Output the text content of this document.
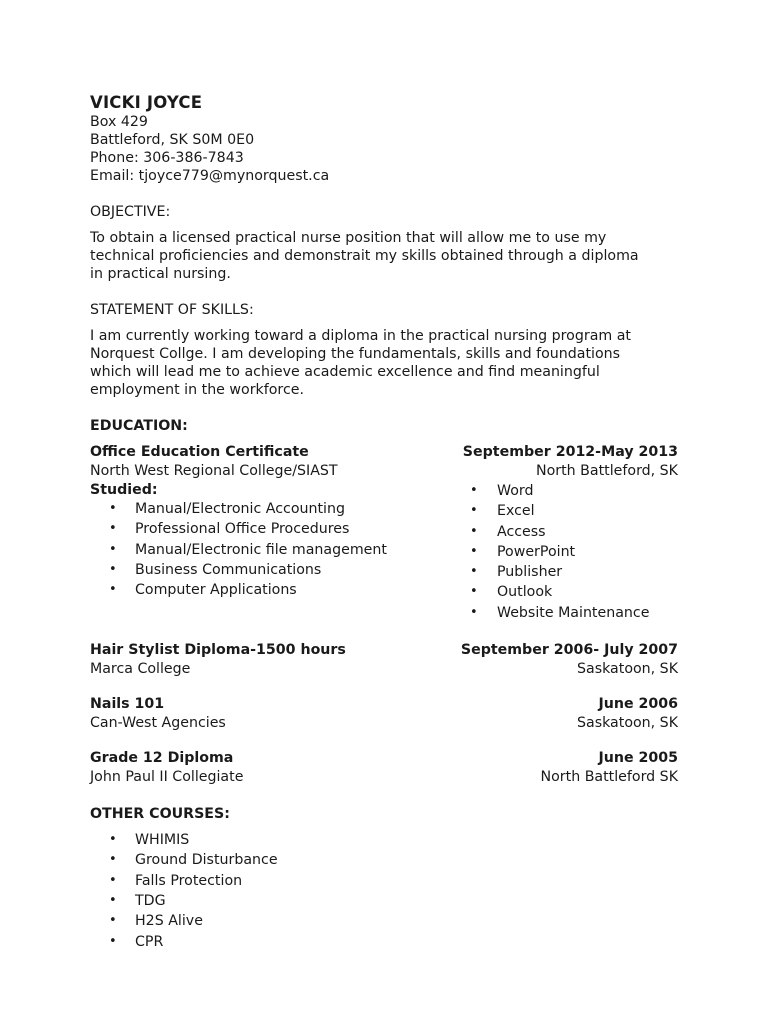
VICKI JOYCE
Box 429
Battleford, SK S0M 0E0
Phone: 306-386-7843
Email: tjoyce779@mynorquest.ca
OBJECTIVE:
To obtain a licensed practical nurse position that will allow me to use my
technical proficiencies and demonstrait my skills obtained through a diploma
in practical nursing.
STATEMENT OF SKILLS:
I am currently working toward a diploma in the practical nursing program at
Norquest Collge. I am developing the fundamentals, skills and foundations
which will lead me to achieve academic excellence and find meaningful
employment in the workforce.
EDUCATION:
Office Education Certificate	September 2012-May 2013
North West Regional College/SIAST	North Battleford, SK
Studied:
• Manual/Electronic Accounting
• Professional Office Procedures
• Manual/Electronic file management
• Business Communications
• Computer Applications
• Word
• Excel
• Access
• PowerPoint
• Publisher
• Outlook
• Website Maintenance
Hair Stylist Diploma-1500 hours	September 2006- July 2007
Marca College	Saskatoon, SK
Nails 101	June 2006
Can-West Agencies	Saskatoon, SK
Grade 12 Diploma	June 2005
John Paul II Collegiate	North Battleford SK
OTHER COURSES:
• WHIMIS
• Ground Disturbance
• Falls Protection
• TDG
• H2S Alive
• CPR
